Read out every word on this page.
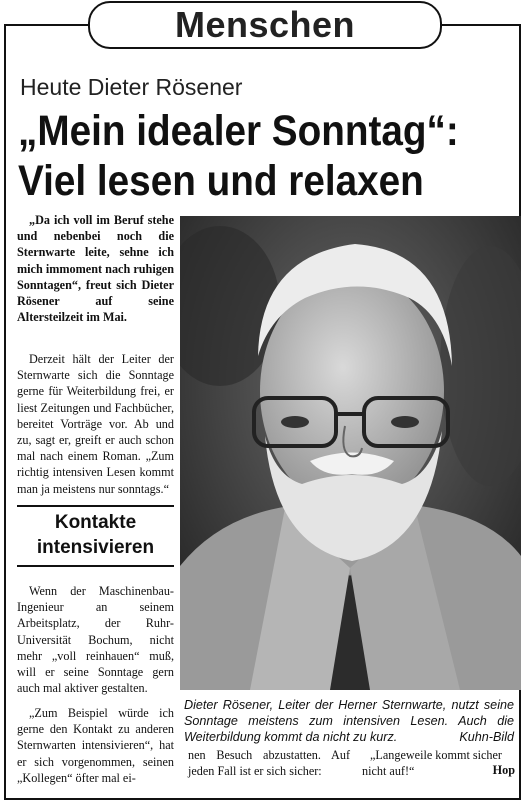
Menschen
Heute Dieter Rösener
„Mein idealer Sonntag“:
Viel lesen und relaxen

„Da ich voll im Beruf stehe und nebenbei noch die Sternwarte leite, sehne ich mich immoment nach ruhigen Sonntagen“, freut sich Dieter Rösener auf seine Altersteilzeit im Mai.

Derzeit hält der Leiter der Sternwarte sich die Sonntage gerne für Weiterbildung frei, er liest Zeitungen und Fachbücher, bereitet Vorträge vor. Ab und zu, sagt er, greift er auch schon mal nach einem Roman. „Zum richtig intensiven Lesen kommt man ja meistens nur sonntags.“

Kontakte
intensivieren

Wenn der Maschinenbau-Ingenieur an seinem Arbeitsplatz, der Ruhr-Universität Bochum, nicht mehr „voll reinhauen“ muß, will er seine Sonntage gern auch mal aktiver gestalten.

„Zum Beispiel würde ich gerne den Kontakt zu anderen Sternwarten intensivieren“, hat er sich vorgenommen, seinen „Kollegen“ öfter mal ei-

Dieter Rösener, Leiter der Herner Sternwarte, nutzt seine Sonntage meistens zum intensiven Lesen. Auch die Weiterbildung kommt da nicht zu kurz.	Kuhn-Bild
nen Besuch abzustatten. Auf jeden Fall ist er sich sicher:

„Langeweile kommt sicher nicht auf!“	Hop
